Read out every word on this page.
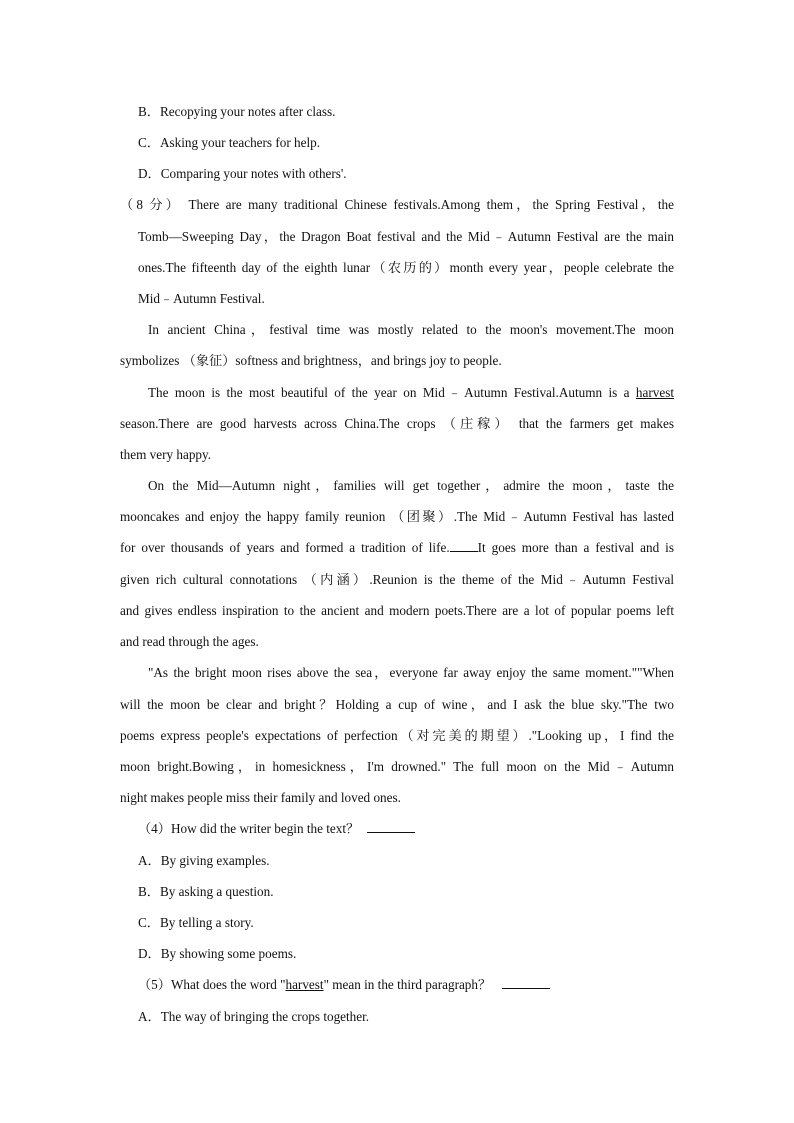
B．Recopying your notes after class.
C．Asking your teachers for help.
D．Comparing your notes with others'.
（8 分） There are many traditional Chinese festivals.Among them，the Spring Festival，the
Tomb—Sweeping Day，the Dragon Boat festival and the Mid﹣Autumn Festival are the main
ones.The fifteenth day of the eighth lunar（农历的）month every year，people celebrate the
Mid﹣Autumn Festival.
In ancient China，festival time was mostly related to the moon's movement.The moon
symbolizes （象征）softness and brightness，and brings joy to people.
The moon is the most beautiful of the year on Mid﹣Autumn Festival.Autumn is a harvest
season.There are good harvests across China.The crops （庄稼） that the farmers get makes
them very happy.
On the Mid—Autumn night，families will get together，admire the moon，taste the
mooncakes and enjoy the happy family reunion （团聚）.The Mid﹣Autumn Festival has lasted
for over thousands of years and formed a tradition of life. It goes more than a festival and is
given rich cultural connotations （内涵）.Reunion is the theme of the Mid﹣Autumn Festival
and gives endless inspiration to the ancient and modern poets.There are a lot of popular poems left
and read through the ages.
"As the bright moon rises above the sea，everyone far away enjoy the same moment.""When
will the moon be clear and bright？Holding a cup of wine，and I ask the blue sky."The two
poems express people's expectations of perfection（对完美的期望）."Looking up，I find the
moon bright.Bowing，in homesickness，I'm drowned." The full moon on the Mid﹣Autumn
night makes people miss their family and loved ones.
（4）How did the writer begin the text？
A．By giving examples.
B．By asking a question.
C．By telling a story.
D．By showing some poems.
（5）What does the word "harvest" mean in the third paragraph？
A．The way of bringing the crops together.
